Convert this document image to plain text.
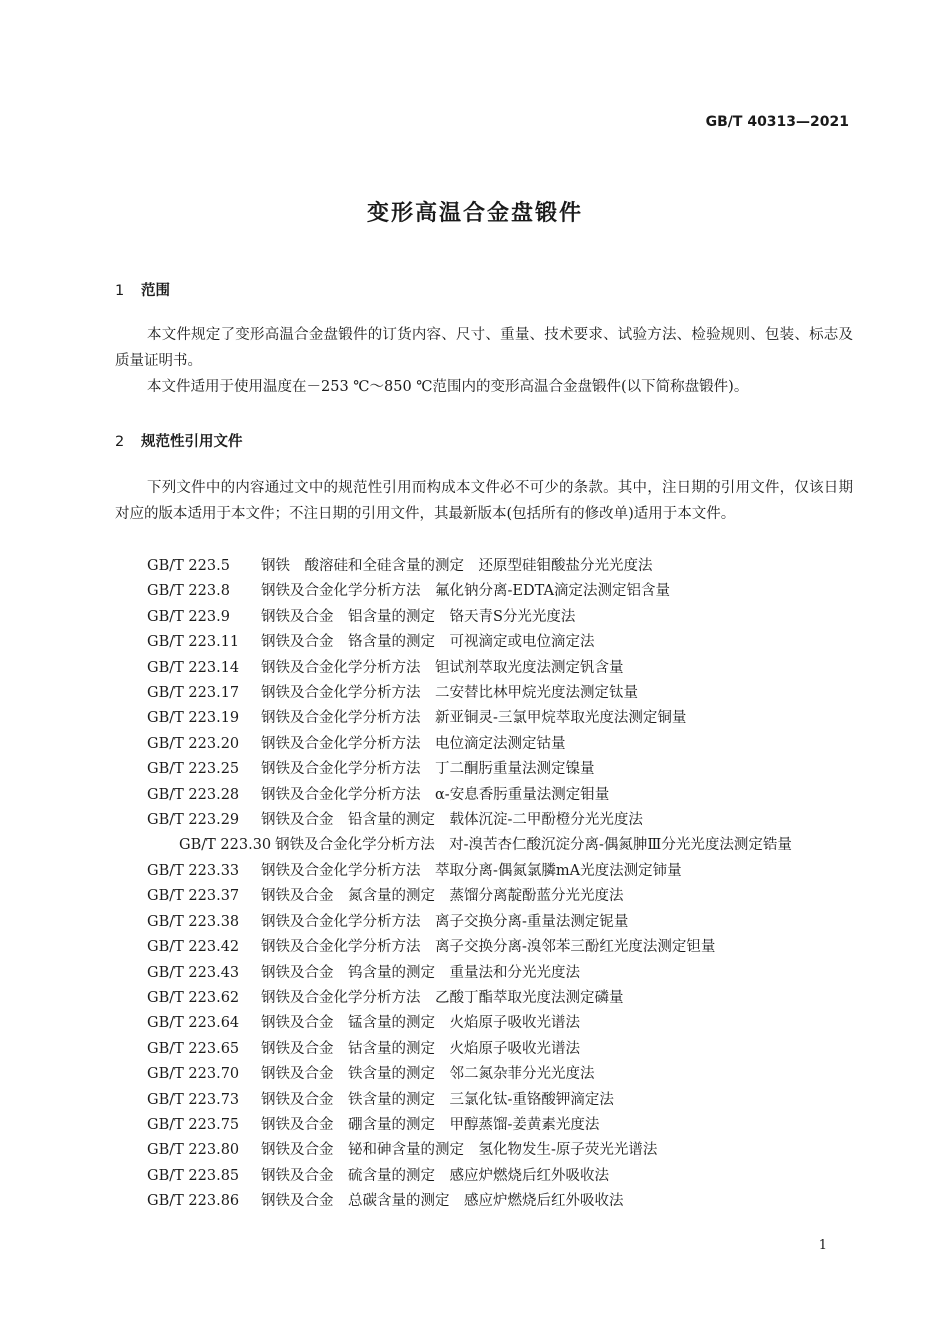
GB/T 40313—2021
变形高温合金盘锻件
1 范围

本文件规定了变形高温合金盘锻件的订货内容、尺寸、重量、技术要求、试验方法、检验规则、包装、标志及质量证明书。

本文件适用于使用温度在－253 ℃～850 ℃范围内的变形高温合金盘锻件(以下简称盘锻件)。

2 规范性引用文件

下列文件中的内容通过文中的规范性引用而构成本文件必不可少的条款。其中，注日期的引用文件，仅该日期对应的版本适用于本文件；不注日期的引用文件，其最新版本(包括所有的修改单)适用于本文件。

GB/T 223.5 钢铁　酸溶硅和全硅含量的测定　还原型硅钼酸盐分光光度法
GB/T 223.8 钢铁及合金化学分析方法　氟化钠分离-EDTA滴定法测定铝含量
GB/T 223.9 钢铁及合金　铝含量的测定　铬天青S分光光度法
GB/T 223.11 钢铁及合金　铬含量的测定　可视滴定或电位滴定法
GB/T 223.14 钢铁及合金化学分析方法　钽试剂萃取光度法测定钒含量
GB/T 223.17 钢铁及合金化学分析方法　二安替比林甲烷光度法测定钛量
GB/T 223.19 钢铁及合金化学分析方法　新亚铜灵-三氯甲烷萃取光度法测定铜量
GB/T 223.20 钢铁及合金化学分析方法　电位滴定法测定钴量
GB/T 223.25 钢铁及合金化学分析方法　丁二酮肟重量法测定镍量
GB/T 223.28 钢铁及合金化学分析方法　α-安息香肟重量法测定钼量
GB/T 223.29 钢铁及合金　铅含量的测定　载体沉淀-二甲酚橙分光光度法
GB/T 223.30 钢铁及合金化学分析方法　对-溴苦杏仁酸沉淀分离-偶氮胂Ⅲ分光光度法测定锆量
GB/T 223.33 钢铁及合金化学分析方法　萃取分离-偶氮氯膦mA光度法测定铈量
GB/T 223.37 钢铁及合金　氮含量的测定　蒸馏分离靛酚蓝分光光度法
GB/T 223.38 钢铁及合金化学分析方法　离子交换分离-重量法测定铌量
GB/T 223.42 钢铁及合金化学分析方法　离子交换分离-溴邻苯三酚红光度法测定钽量
GB/T 223.43 钢铁及合金　钨含量的测定　重量法和分光光度法
GB/T 223.62 钢铁及合金化学分析方法　乙酸丁酯萃取光度法测定磷量
GB/T 223.64 钢铁及合金　锰含量的测定　火焰原子吸收光谱法
GB/T 223.65 钢铁及合金　钴含量的测定　火焰原子吸收光谱法
GB/T 223.70 钢铁及合金　铁含量的测定　邻二氮杂菲分光光度法
GB/T 223.73 钢铁及合金　铁含量的测定　三氯化钛-重铬酸钾滴定法
GB/T 223.75 钢铁及合金　硼含量的测定　甲醇蒸馏-姜黄素光度法
GB/T 223.80 钢铁及合金　铋和砷含量的测定　氢化物发生-原子荧光光谱法
GB/T 223.85 钢铁及合金　硫含量的测定　感应炉燃烧后红外吸收法
GB/T 223.86 钢铁及合金　总碳含量的测定　感应炉燃烧后红外吸收法
1
